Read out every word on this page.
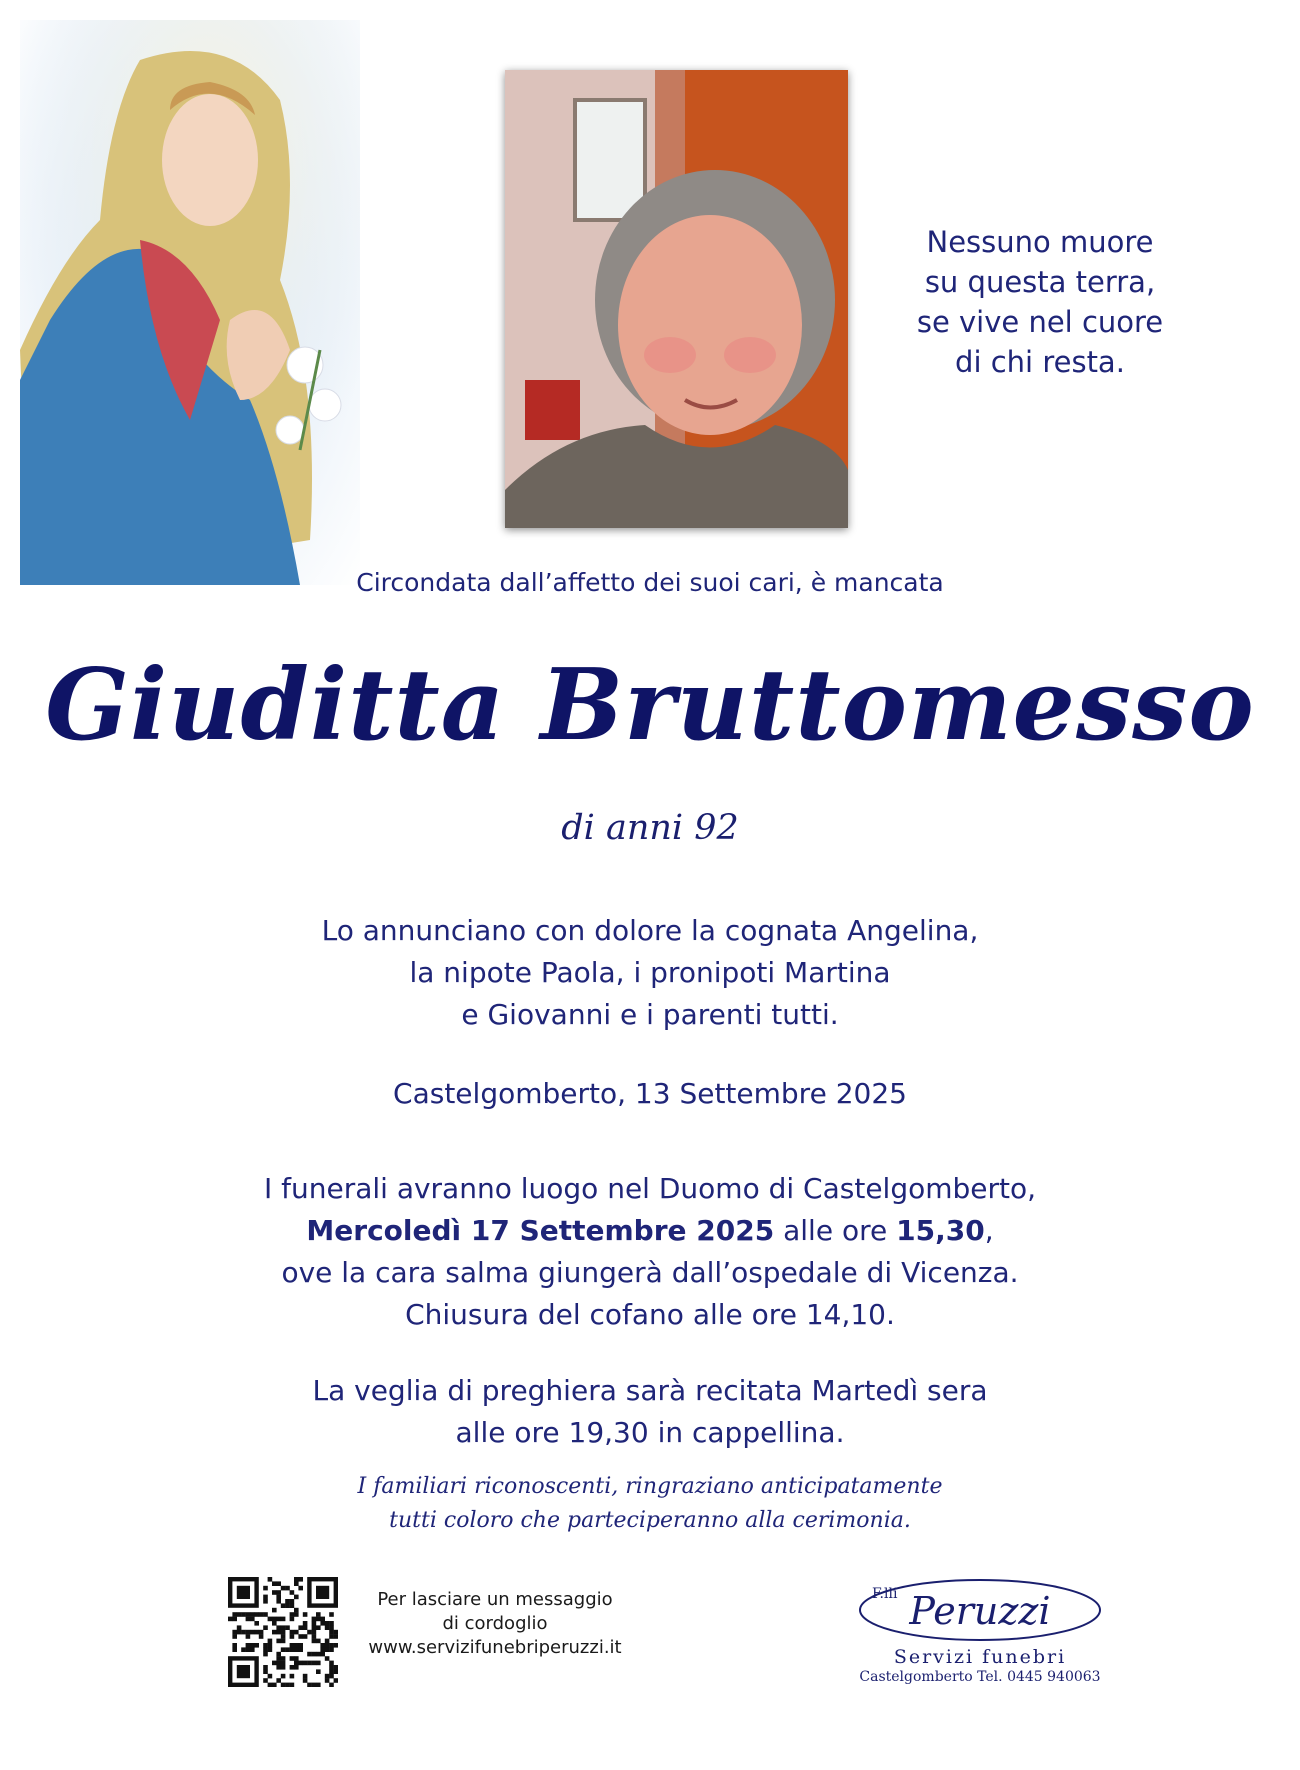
Nessuno muore
su questa terra,
se vive nel cuore
di chi resta.
Circondata dall’affetto dei suoi cari, è mancata
Giuditta Bruttomesso
di anni 92
Lo annunciano con dolore la cognata Angelina,
la nipote Paola, i pronipoti Martina
e Giovanni e i parenti tutti.
Castelgomberto, 13 Settembre 2025
I funerali avranno luogo nel Duomo di Castelgomberto,
Mercoledì 17 Settembre 2025 alle ore 15,30,
ove la cara salma giungerà dall’ospedale di Vicenza.
Chiusura del cofano alle ore 14,10.
La veglia di preghiera sarà recitata Martedì sera
alle ore 19,30 in cappellina.
I familiari riconoscenti, ringraziano anticipatamente
tutti coloro che parteciperanno alla cerimonia.
Per lasciare un messaggio
di cordoglio
www.servizifunebriperuzzi.it
F.lli Peruzzi
Servizi funebri
Castelgomberto Tel. 0445 940063
